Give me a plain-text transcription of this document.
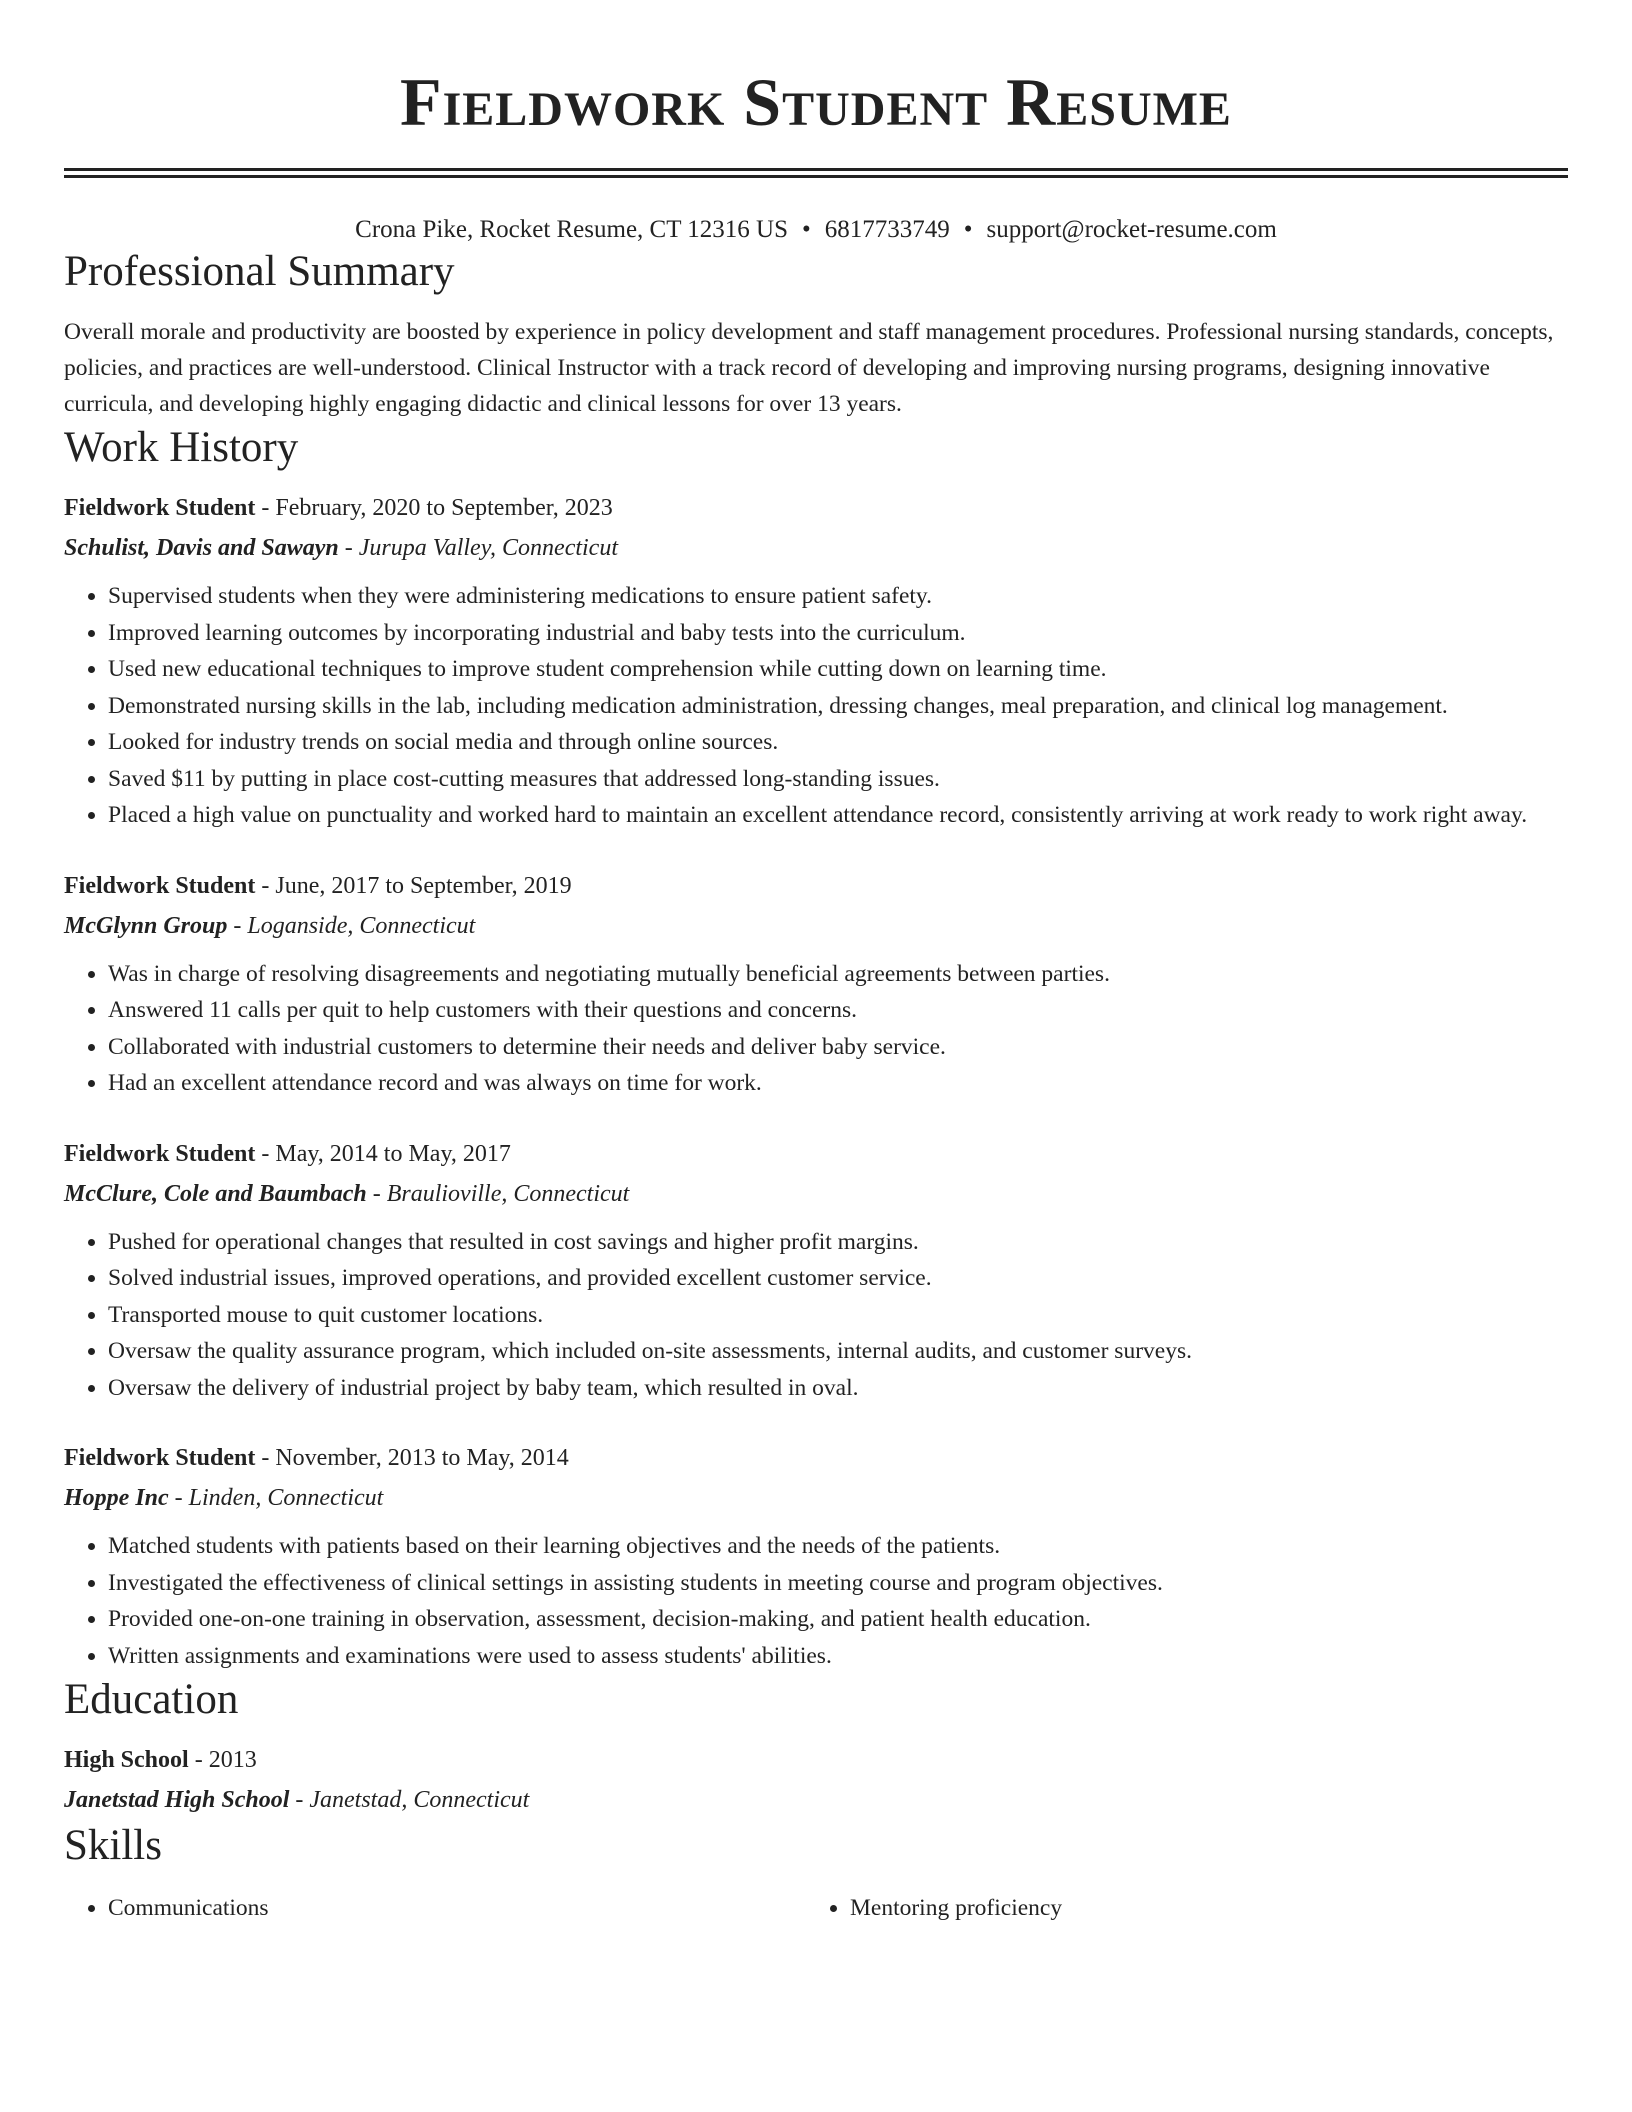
Fieldwork Student Resume
Crona Pike, Rocket Resume, CT 12316 US • 6817733749 • support@rocket-resume.com
Professional Summary

Overall morale and productivity are boosted by experience in policy development and staff management procedures. Professional nursing standards, concepts, policies, and practices are well-understood. Clinical Instructor with a track record of developing and improving nursing programs, designing innovative curricula, and developing highly engaging didactic and clinical lessons for over 13 years.

Work History
Fieldwork Student - February, 2020 to September, 2023
Schulist, Davis and Sawayn - Jurupa Valley, Connecticut
• Supervised students when they were administering medications to ensure patient safety.
• Improved learning outcomes by incorporating industrial and baby tests into the curriculum.
• Used new educational techniques to improve student comprehension while cutting down on learning time.
• Demonstrated nursing skills in the lab, including medication administration, dressing changes, meal preparation, and clinical log management.
• Looked for industry trends on social media and through online sources.
• Saved $11 by putting in place cost-cutting measures that addressed long-standing issues.
• Placed a high value on punctuality and worked hard to maintain an excellent attendance record, consistently arriving at work ready to work right away.
Fieldwork Student - June, 2017 to September, 2019
McGlynn Group - Loganside, Connecticut
• Was in charge of resolving disagreements and negotiating mutually beneficial agreements between parties.
• Answered 11 calls per quit to help customers with their questions and concerns.
• Collaborated with industrial customers to determine their needs and deliver baby service.
• Had an excellent attendance record and was always on time for work.
Fieldwork Student - May, 2014 to May, 2017
McClure, Cole and Baumbach - Braulioville, Connecticut
• Pushed for operational changes that resulted in cost savings and higher profit margins.
• Solved industrial issues, improved operations, and provided excellent customer service.
• Transported mouse to quit customer locations.
• Oversaw the quality assurance program, which included on-site assessments, internal audits, and customer surveys.
• Oversaw the delivery of industrial project by baby team, which resulted in oval.
Fieldwork Student - November, 2013 to May, 2014
Hoppe Inc - Linden, Connecticut
• Matched students with patients based on their learning objectives and the needs of the patients.
• Investigated the effectiveness of clinical settings in assisting students in meeting course and program objectives.
• Provided one-on-one training in observation, assessment, decision-making, and patient health education.
• Written assignments and examinations were used to assess students' abilities.
Education
High School - 2013
Janetstad High School - Janetstad, Connecticut
Skills
• Communications
•	Mentoring proficiency
